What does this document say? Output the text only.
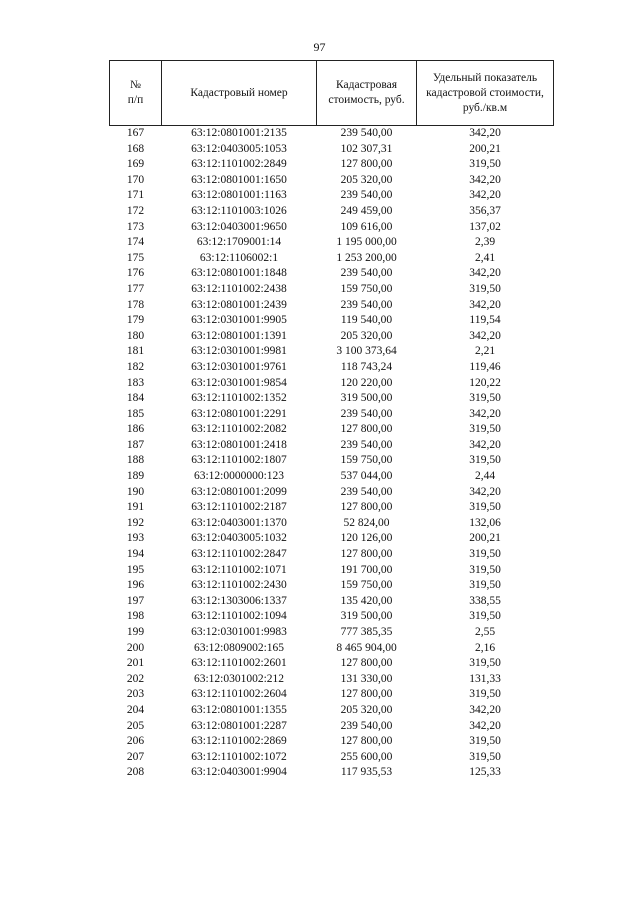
97
№
п/п	Кадастровый номер	Кадастровая стоимость, руб.	Удельный показатель кадастровой стоимости, руб./кв.м
167	63:12:0801001:2135	239 540,00	342,20
168	63:12:0403005:1053	102 307,31	200,21
169	63:12:1101002:2849	127 800,00	319,50
170	63:12:0801001:1650	205 320,00	342,20
171	63:12:0801001:1163	239 540,00	342,20
172	63:12:1101003:1026	249 459,00	356,37
173	63:12:0403001:9650	109 616,00	137,02
174	63:12:1709001:14	1 195 000,00	2,39
175	63:12:1106002:1	1 253 200,00	2,41
176	63:12:0801001:1848	239 540,00	342,20
177	63:12:1101002:2438	159 750,00	319,50
178	63:12:0801001:2439	239 540,00	342,20
179	63:12:0301001:9905	119 540,00	119,54
180	63:12:0801001:1391	205 320,00	342,20
181	63:12:0301001:9981	3 100 373,64	2,21
182	63:12:0301001:9761	118 743,24	119,46
183	63:12:0301001:9854	120 220,00	120,22
184	63:12:1101002:1352	319 500,00	319,50
185	63:12:0801001:2291	239 540,00	342,20
186	63:12:1101002:2082	127 800,00	319,50
187	63:12:0801001:2418	239 540,00	342,20
188	63:12:1101002:1807	159 750,00	319,50
189	63:12:0000000:123	537 044,00	2,44
190	63:12:0801001:2099	239 540,00	342,20
191	63:12:1101002:2187	127 800,00	319,50
192	63:12:0403001:1370	52 824,00	132,06
193	63:12:0403005:1032	120 126,00	200,21
194	63:12:1101002:2847	127 800,00	319,50
195	63:12:1101002:1071	191 700,00	319,50
196	63:12:1101002:2430	159 750,00	319,50
197	63:12:1303006:1337	135 420,00	338,55
198	63:12:1101002:1094	319 500,00	319,50
199	63:12:0301001:9983	777 385,35	2,55
200	63:12:0809002:165	8 465 904,00	2,16
201	63:12:1101002:2601	127 800,00	319,50
202	63:12:0301002:212	131 330,00	131,33
203	63:12:1101002:2604	127 800,00	319,50
204	63:12:0801001:1355	205 320,00	342,20
205	63:12:0801001:2287	239 540,00	342,20
206	63:12:1101002:2869	127 800,00	319,50
207	63:12:1101002:1072	255 600,00	319,50
208	63:12:0403001:9904	117 935,53	125,33
